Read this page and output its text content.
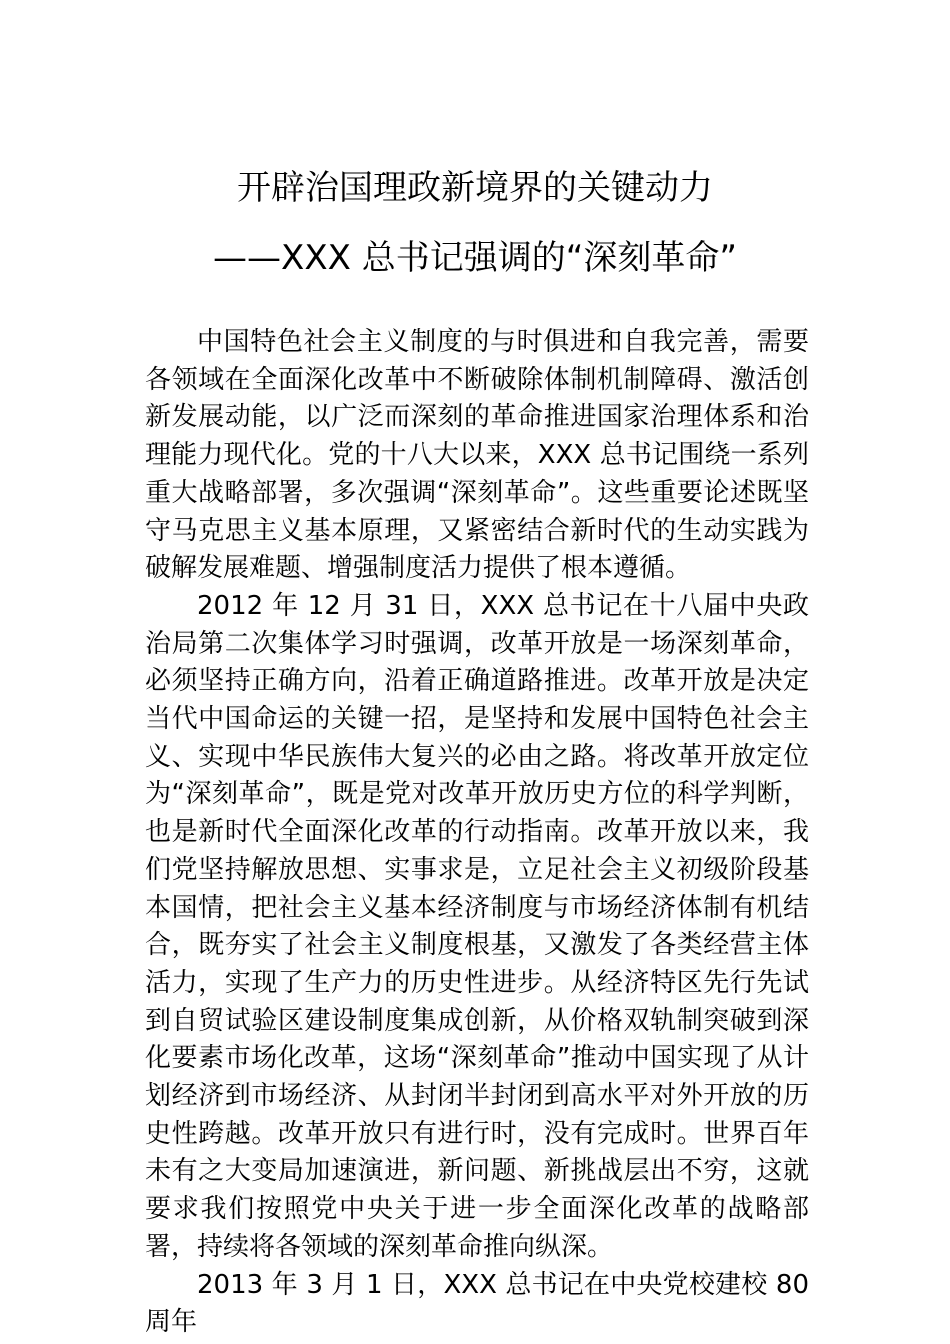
开辟治国理政新境界的关键动力
——XXX 总书记强调的“深刻革命”

中国特色社会主义制度的与时俱进和自我完善，需要各领域在全面深化改革中不断破除体制机制障碍、激活创新发展动能，以广泛而深刻的革命推进国家治理体系和治理能力现代化。党的十八大以来，XXX 总书记围绕一系列重大战略部署，多次强调“深刻革命”。这些重要论述既坚守马克思主义基本原理，又紧密结合新时代的生动实践为破解发展难题、增强制度活力提供了根本遵循。

2012 年 12 月 31 日，XXX 总书记在十八届中央政治局第二次集体学习时强调，改革开放是一场深刻革命，必须坚持正确方向，沿着正确道路推进。改革开放是决定当代中国命运的关键一招，是坚持和发展中国特色社会主义、实现中华民族伟大复兴的必由之路。将改革开放定位为“深刻革命”，既是党对改革开放历史方位的科学判断，也是新时代全面深化改革的行动指南。改革开放以来，我们党坚持解放思想、实事求是，立足社会主义初级阶段基本国情，把社会主义基本经济制度与市场经济体制有机结合，既夯实了社会主义制度根基，又激发了各类经营主体活力，实现了生产力的历史性进步。从经济特区先行先试到自贸试验区建设制度集成创新，从价格双轨制突破到深化要素市场化改革，这场“深刻革命”推动中国实现了从计划经济到市场经济、从封闭半封闭到高水平对外开放的历史性跨越。改革开放只有进行时，没有完成时。世界百年未有之大变局加速演进，新问题、新挑战层出不穷，这就要求我们按照党中央关于进一步全面深化改革的战略部署，持续将各领域的深刻革命推向纵深。

2013 年 3 月 1 日，XXX 总书记在中央党校建校 80 周年
